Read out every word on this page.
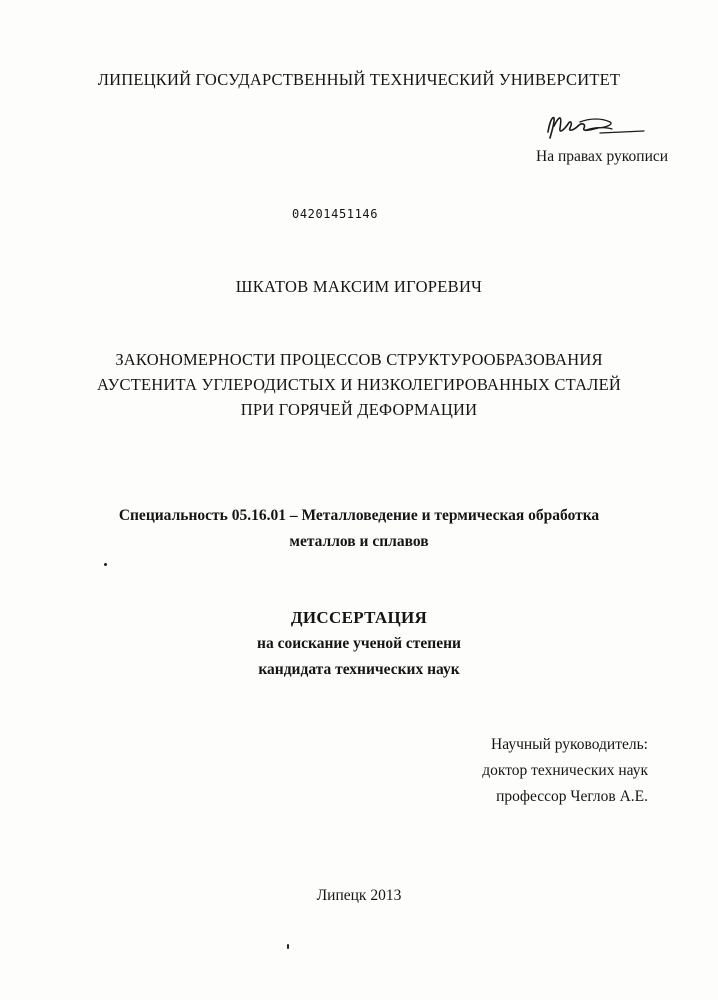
ЛИПЕЦКИЙ ГОСУДАРСТВЕННЫЙ ТЕХНИЧЕСКИЙ УНИВЕРСИТЕТ
На правах рукописи
04201451146
ШКАТОВ МАКСИМ ИГОРЕВИЧ
ЗАКОНОМЕРНОСТИ ПРОЦЕССОВ СТРУКТУРООБРАЗОВАНИЯ
АУСТЕНИТА УГЛЕРОДИСТЫХ И НИЗКОЛЕГИРОВАННЫХ СТАЛЕЙ
ПРИ ГОРЯЧЕЙ ДЕФОРМАЦИИ
Специальность 05.16.01 – Металловедение и термическая обработка
металлов и сплавов
ДИССЕРТАЦИЯ
на соискание ученой степени
кандидата технических наук
Научный руководитель:
доктор технических наук
профессор Чеглов А.Е.
Липецк 2013
